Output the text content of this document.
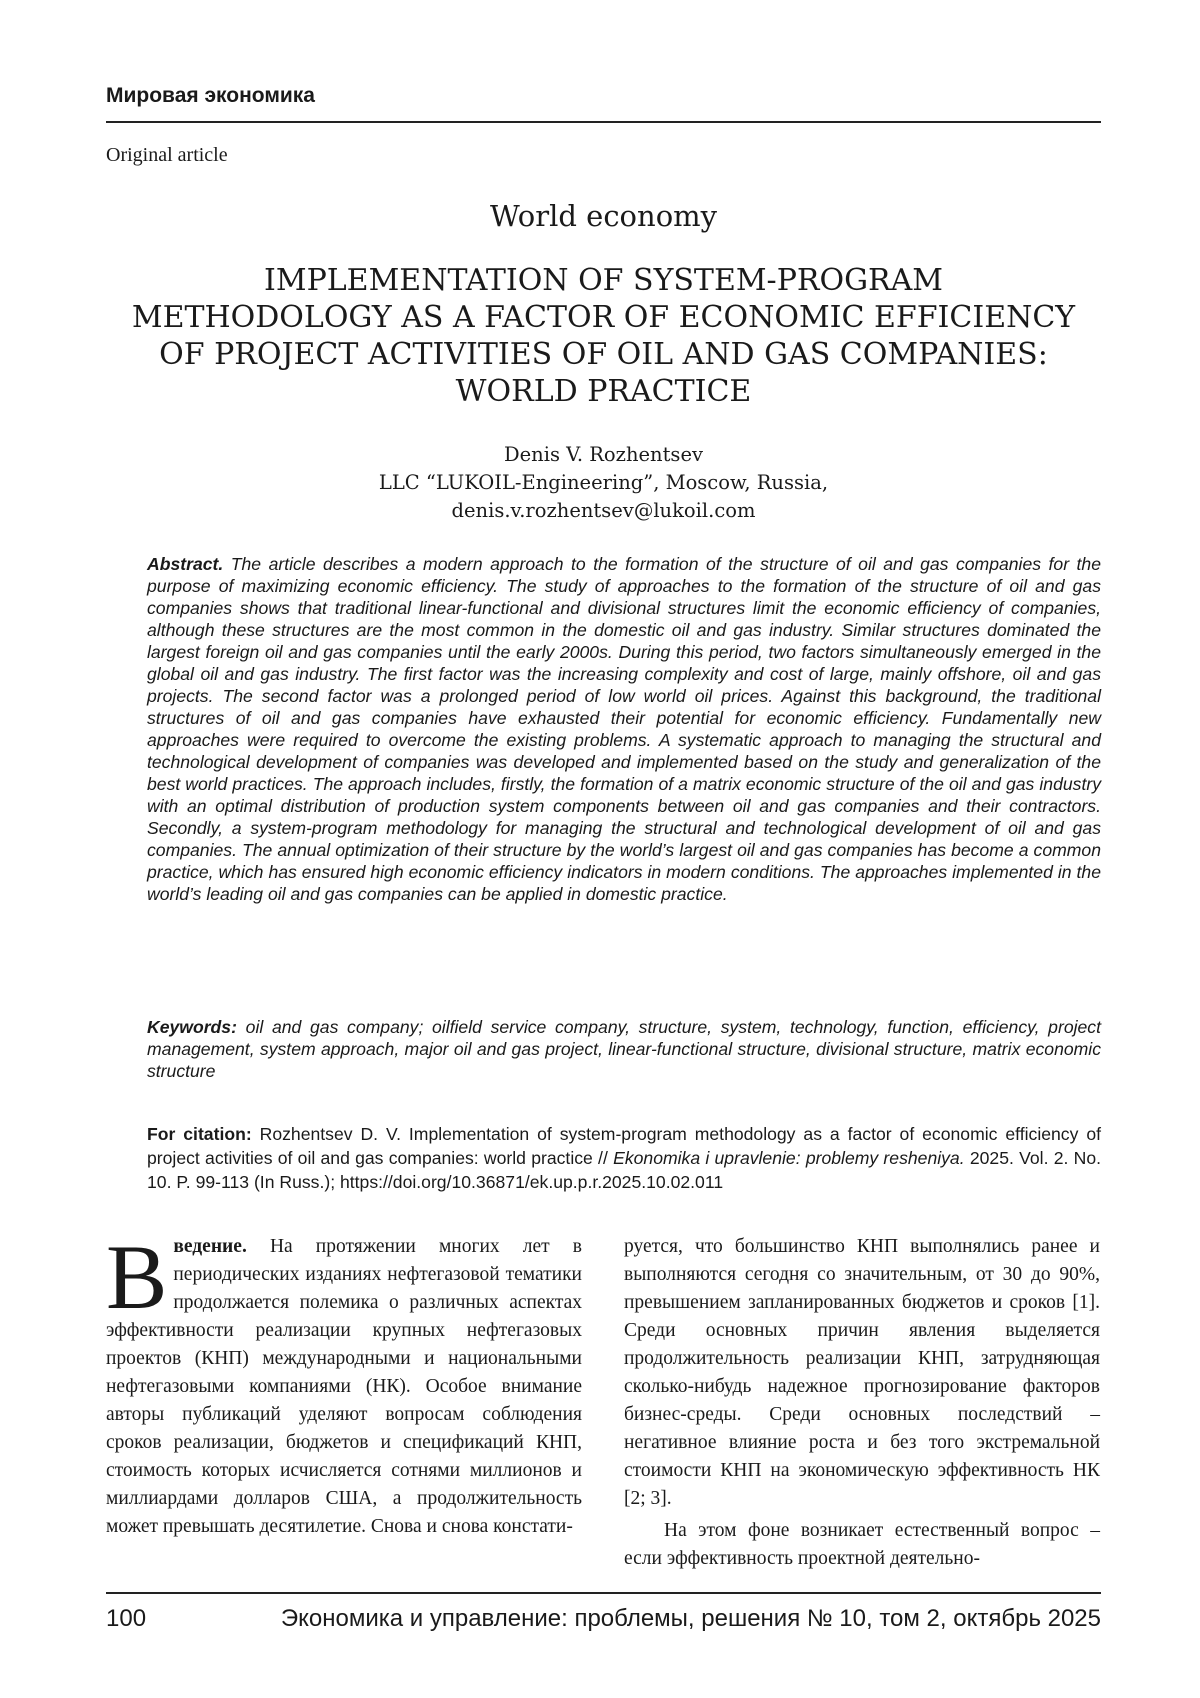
Мировая экономика
Original article
World economy
IMPLEMENTATION OF SYSTEM-PROGRAM
METHODOLOGY AS A FACTOR OF ECONOMIC EFFICIENCY
OF PROJECT ACTIVITIES OF OIL AND GAS COMPANIES:
WORLD PRACTICE
Denis V. Rozhentsev
LLC “LUKOIL-Engineering”, Moscow, Russia,
denis.v.rozhentsev@lukoil.com
Abstract. The article describes a modern approach to the formation of the structure of oil and gas companies for the purpose of maximizing economic efficiency. The study of approaches to the formation of the structure of oil and gas companies shows that traditional linear-functional and divisional structures limit the economic efficiency of companies, although these structures are the most common in the domestic oil and gas industry. Similar structures dominated the largest foreign oil and gas companies until the early 2000s. During this period, two factors simultaneously emerged in the global oil and gas industry. The first factor was the increasing complexity and cost of large, mainly offshore, oil and gas projects. The second factor was a prolonged period of low world oil prices. Against this background, the traditional structures of oil and gas companies have exhausted their potential for economic efficiency. Fundamentally new approaches were required to overcome the existing problems. A systematic approach to managing the structural and technological development of companies was developed and implemented based on the study and generalization of the best world practices. The approach includes, firstly, the formation of a matrix economic structure of the oil and gas industry with an optimal distribution of production system components between oil and gas companies and their contractors. Secondly, a system-program methodology for managing the structural and technological development of oil and gas companies. The annual optimization of their structure by the world’s largest oil and gas companies has become a common practice, which has ensured high economic efficiency indicators in modern conditions. The approaches implemented in the world’s leading oil and gas companies can be applied in domestic practice.
Keywords: oil and gas company; oilfield service company, structure, system, technology, function, efficiency, project management, system approach, major oil and gas project, linear-functional structure, divisional structure, matrix economic structure
For citation: Rozhentsev D. V. Implementation of system-program methodology as a factor of economic efficiency of project activities of oil and gas companies: world practice // Ekonomika i upravlenie: problemy resheniya. 2025. Vol. 2. No. 10. P. 99-113 (In Russ.); https://doi.org/10.36871/ek.up.p.r.2025.10.02.011
В ведение. На протяжении многих лет в периодических изданиях нефтегазовой тематики продолжается полемика о различных аспектах эффективности реализации крупных нефтегазовых проектов (КНП) международными и национальными нефтегазовыми компаниями (НК). Особое внимание авторы публикаций уделяют вопросам соблюдения сроков реализации, бюджетов и спецификаций КНП, стоимость которых исчисляется сотнями миллионов и миллиардами долларов США, а продолжительность может превышать десятилетие. Снова и снова констати-

руется, что большинство КНП выполнялись ранее и выполняются сегодня со значительным, от 30 до 90%, превышением запланированных бюджетов и сроков [1]. Среди основных причин явления выделяется продолжительность реализации КНП, затрудняющая сколько-нибудь надежное прогнозирование факторов бизнес-среды. Среди основных последствий – негативное влияние роста и без того экстремальной стоимости КНП на экономическую эффективность НК [2; 3].

На этом фоне возникает естественный вопрос – если эффективность проектной деятельно-

100	Экономика и управление: проблемы, решения № 10, том 2, октябрь 2025
